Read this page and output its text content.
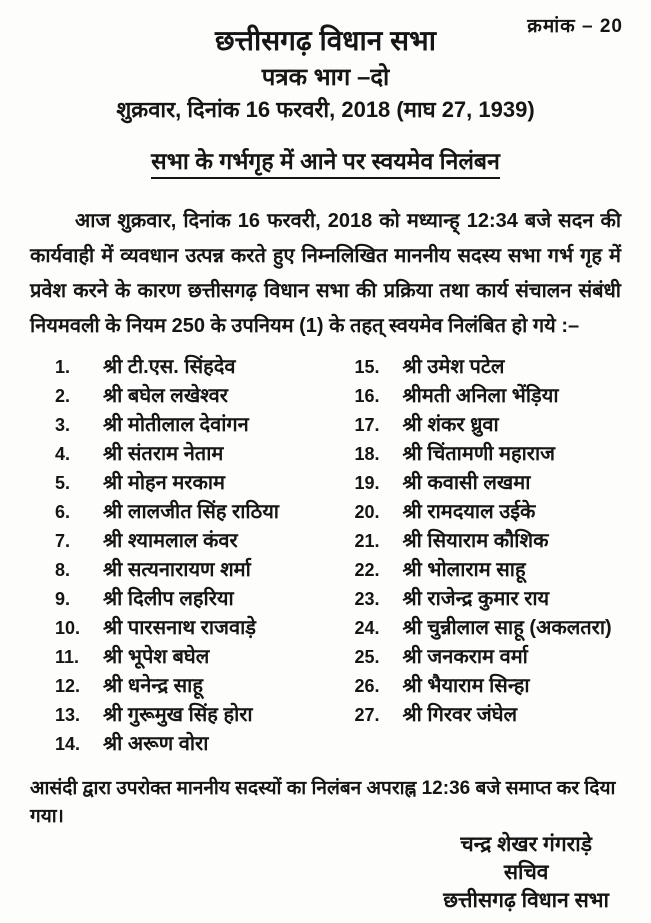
क्रमांक – 20
छत्तीसगढ़ विधान सभा
पत्रक भाग –दो
शुक्रवार, दिनांक 16 फरवरी, 2018 (माघ 27, 1939)
सभा के गर्भगृह में आने पर स्वयमेव निलंबन

आज शुक्रवार, दिनांक 16 फरवरी, 2018 को मध्यान्ह् 12:34 बजे सदन की कार्यवाही में व्यवधान उत्पन्न करते हुए निम्नलिखित माननीय सदस्य सभा गर्भ गृह में प्रवेश करने के कारण छत्तीसगढ़ विधान सभा की प्रक्रिया तथा कार्य संचालन संबंधी नियमवली के नियम 250 के उपनियम (1) के तहत् स्वयमेव निलंबित हो गये :–

1.	श्री टी.एस. सिंहदेव
2.	श्री बघेल लखेश्वर
3.	श्री मोतीलाल देवांगन
4.	श्री संतराम नेताम
5.	श्री मोहन मरकाम
6.	श्री लालजीत सिंह राठिया
7.	श्री श्यामलाल कंवर
8.	श्री सत्यनारायण शर्मा
9.	श्री दिलीप लहरिया
10.	श्री पारसनाथ राजवाड़े
11.	श्री भूपेश बघेल
12.	श्री धनेन्द्र साहू
13.	श्री गुरूमुख सिंह होरा
14.	श्री अरूण वोरा
15.	श्री उमेश पटेल
16.	श्रीमती अनिला भेंड़िया
17.	श्री शंकर ध्रुवा
18.	श्री चिंतामणी महाराज
19.	श्री कवासी लखमा
20.	श्री रामदयाल उईके
21.	श्री सियाराम कौशिक
22.	श्री भोलाराम साहू
23.	श्री राजेन्द्र कुमार राय
24.	श्री चुन्नीलाल साहू (अकलतरा)
25.	श्री जनकराम वर्मा
26.	श्री भैयाराम सिन्हा
27.	श्री गिरवर जंघेल

आसंदी द्वारा उपरोक्त माननीय सदस्यों का निलंबन अपराह्न 12:36 बजे समाप्त कर दिया गया।

चन्द्र शेखर गंगराड़े
सचिव
छत्तीसगढ़ विधान सभा
